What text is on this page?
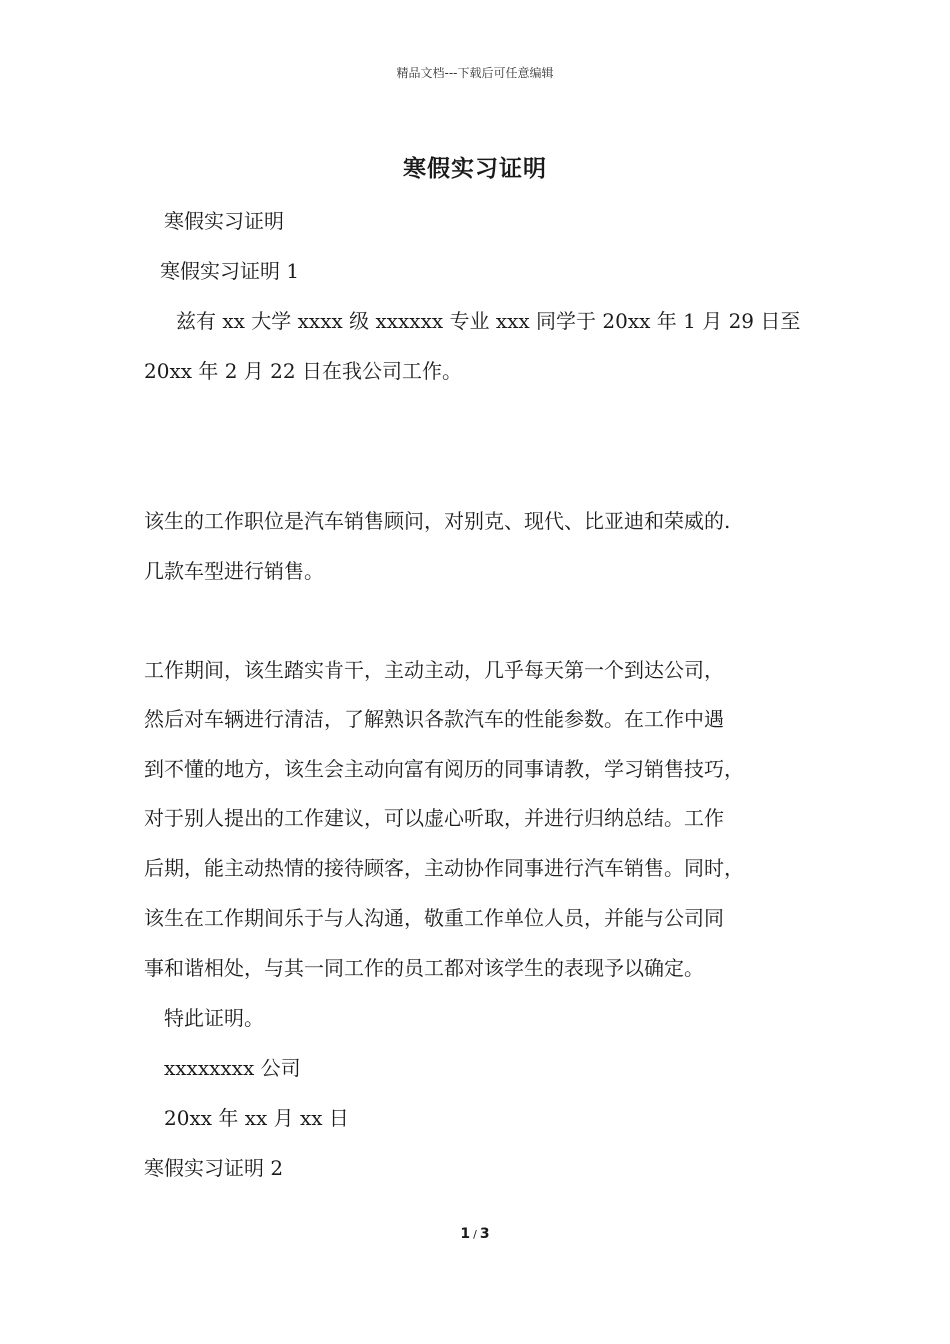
精品文档---下载后可任意编辑
寒假实习证明
寒假实习证明
寒假实习证明 1
兹有 xx 大学 xxxx 级 xxxxxx 专业 xxx 同学于 20xx 年 1 月 29 日至
20xx 年 2 月 22 日在我公司工作。
该生的工作职位是汽车销售顾问，对别克、现代、比亚迪和荣威的.
几款车型进行销售。
工作期间，该生踏实肯干，主动主动，几乎每天第一个到达公司，
然后对车辆进行清洁，了解熟识各款汽车的性能参数。在工作中遇
到不懂的地方，该生会主动向富有阅历的同事请教，学习销售技巧，
对于别人提出的工作建议，可以虚心听取，并进行归纳总结。工作
后期，能主动热情的接待顾客，主动协作同事进行汽车销售。同时，
该生在工作期间乐于与人沟通，敬重工作单位人员，并能与公司同
事和谐相处，与其一同工作的员工都对该学生的表现予以确定。
特此证明。
xxxxxxxx 公司
20xx 年 xx 月 xx 日
寒假实习证明 2
1 / 3
